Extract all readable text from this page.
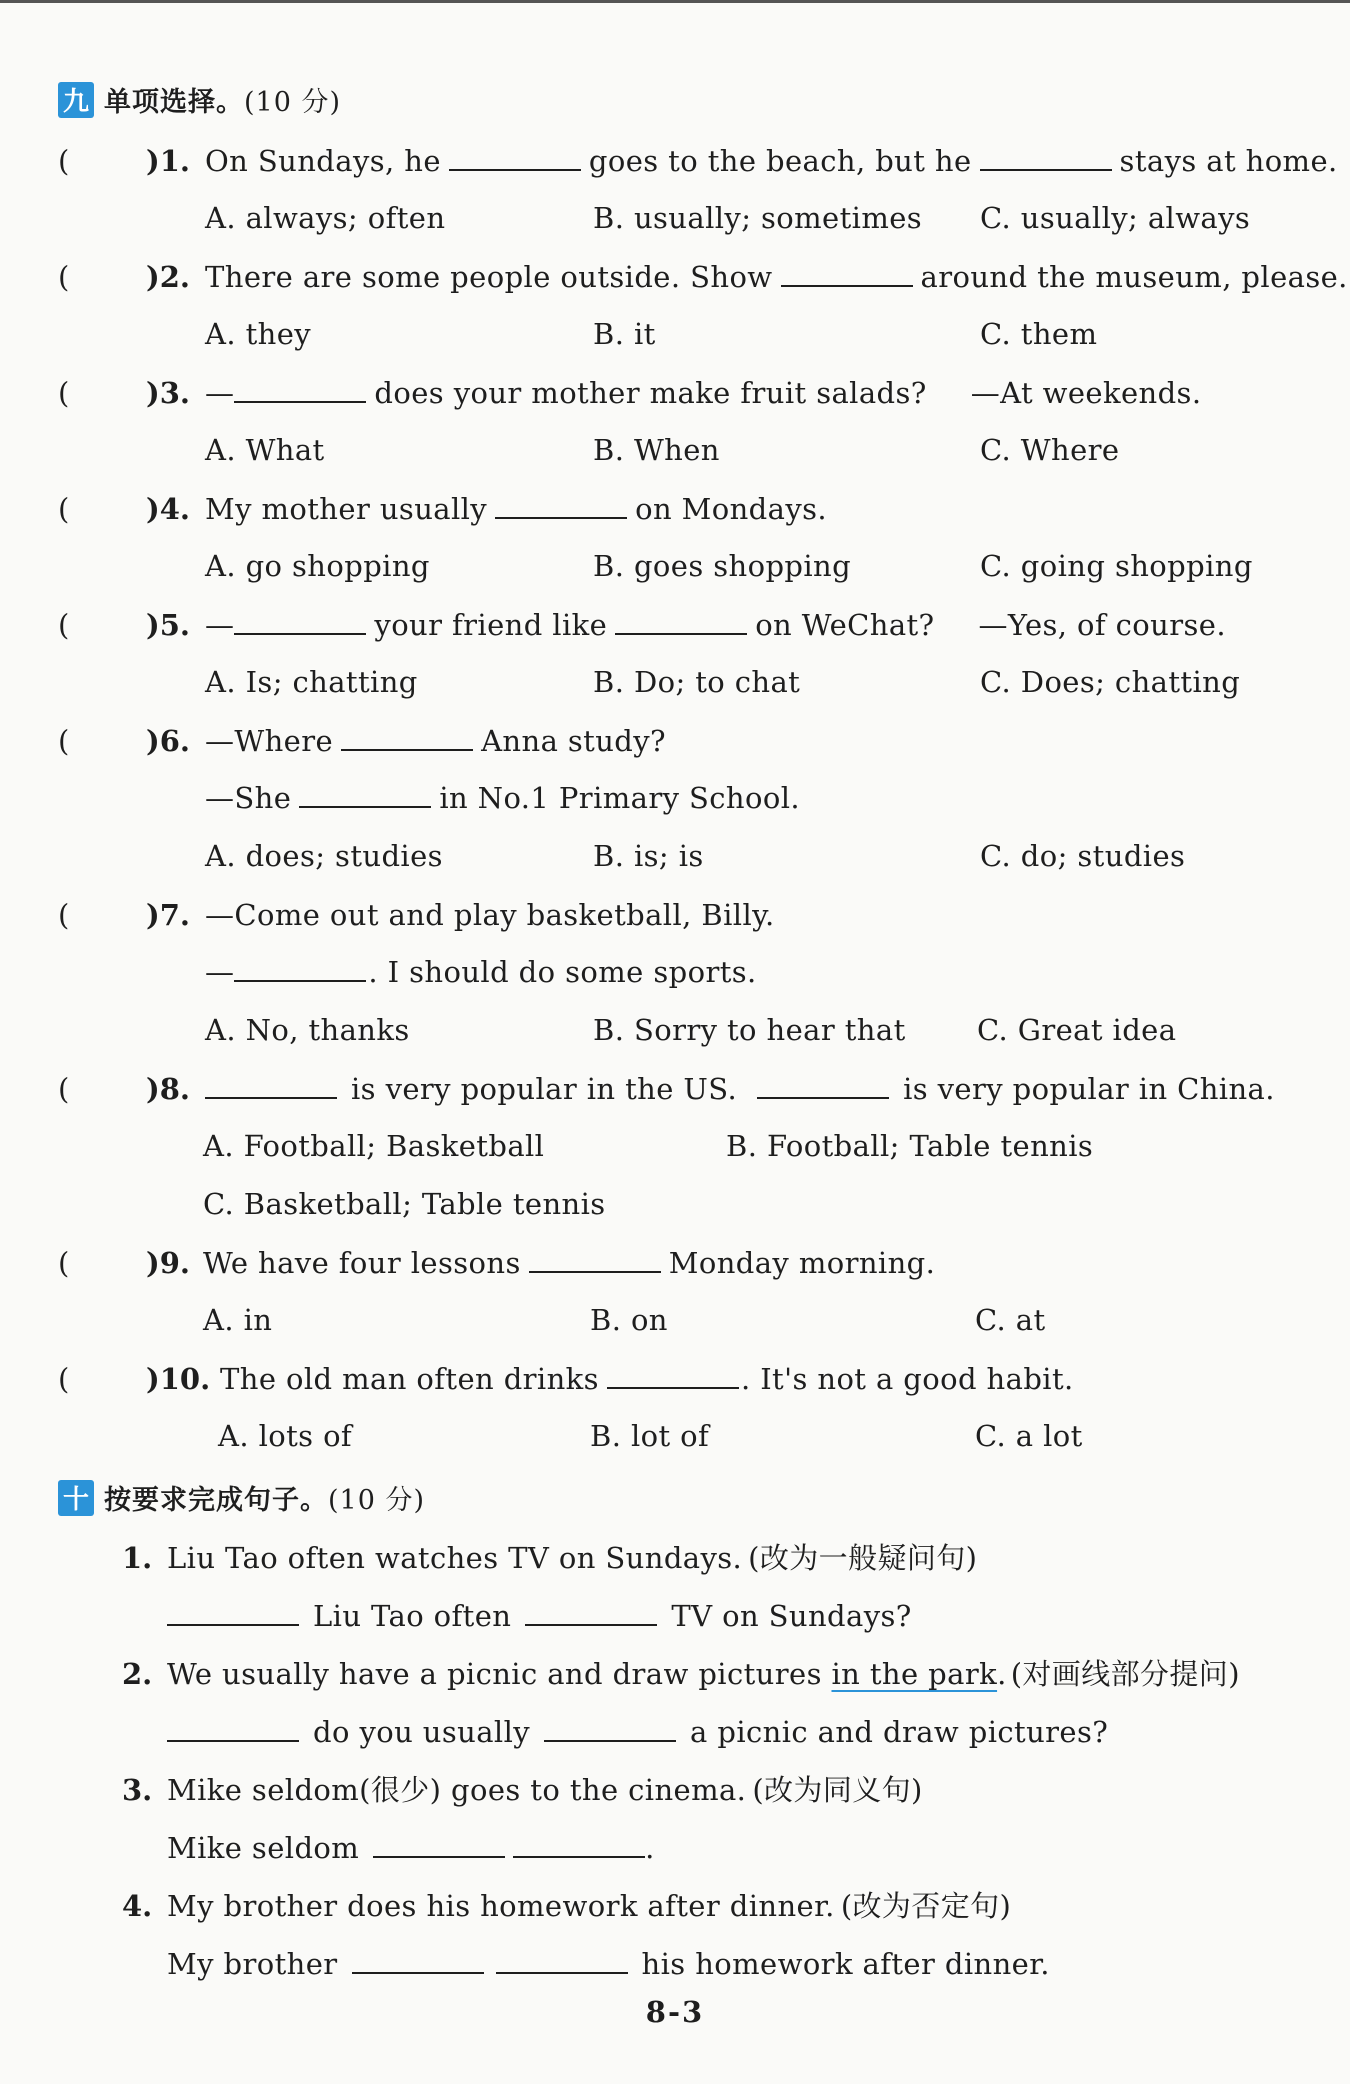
九 单项选择。(10 分)
(	)1. On Sundays, he	goes to the beach, but he	stays at home.
A. always; often	B. usually; sometimes C. usually; always
(	)2. There are some people outside. Show	around the museum, please.
A. they	B. it	C. them
(	)3. —	does your mother make fruit salads? —At weekends.
A. What	B. When	C. Where
(	)4. My mother usually	on Mondays.
A. go shopping	B. goes shopping	C. going shopping
(	)5. —	your friend like	on WeChat? —Yes, of course.
A. Is; chatting	B. Do; to chat	C. Does; chatting
(	)6. —Where	Anna study?
—She	in No.1 Primary School.
A. does; studies	B. is; is	C. do; studies
(	)7. —Come out and play basketball, Billy.
—	. I should do some sports.
A. No, thanks	B. Sorry to hear that C. Great idea
(	)8.	is very popular in the US.	is very popular in China.
A. Football; Basketball	B. Football; Table tennis
C. Basketball; Table tennis
(	)9. We have four lessons	Monday morning.
A. in	B. on	C. at
(	)10. The old man often drinks	. It's not a good habit.
A. lots of	B. lot of	C. a lot
十 按要求完成句子。(10 分)
1. Liu Tao often watches TV on Sundays. (改为一般疑问句)
Liu Tao often	TV on Sundays?
2. We usually have a picnic and draw pictures in the park. (对画线部分提问)
do you usually	a picnic and draw pictures?
3. Mike seldom(很少) goes to the cinema. (改为同义句)
Mike seldom	.
4. My brother does his homework after dinner. (改为否定句)
My brother	his homework after dinner.
8-3
